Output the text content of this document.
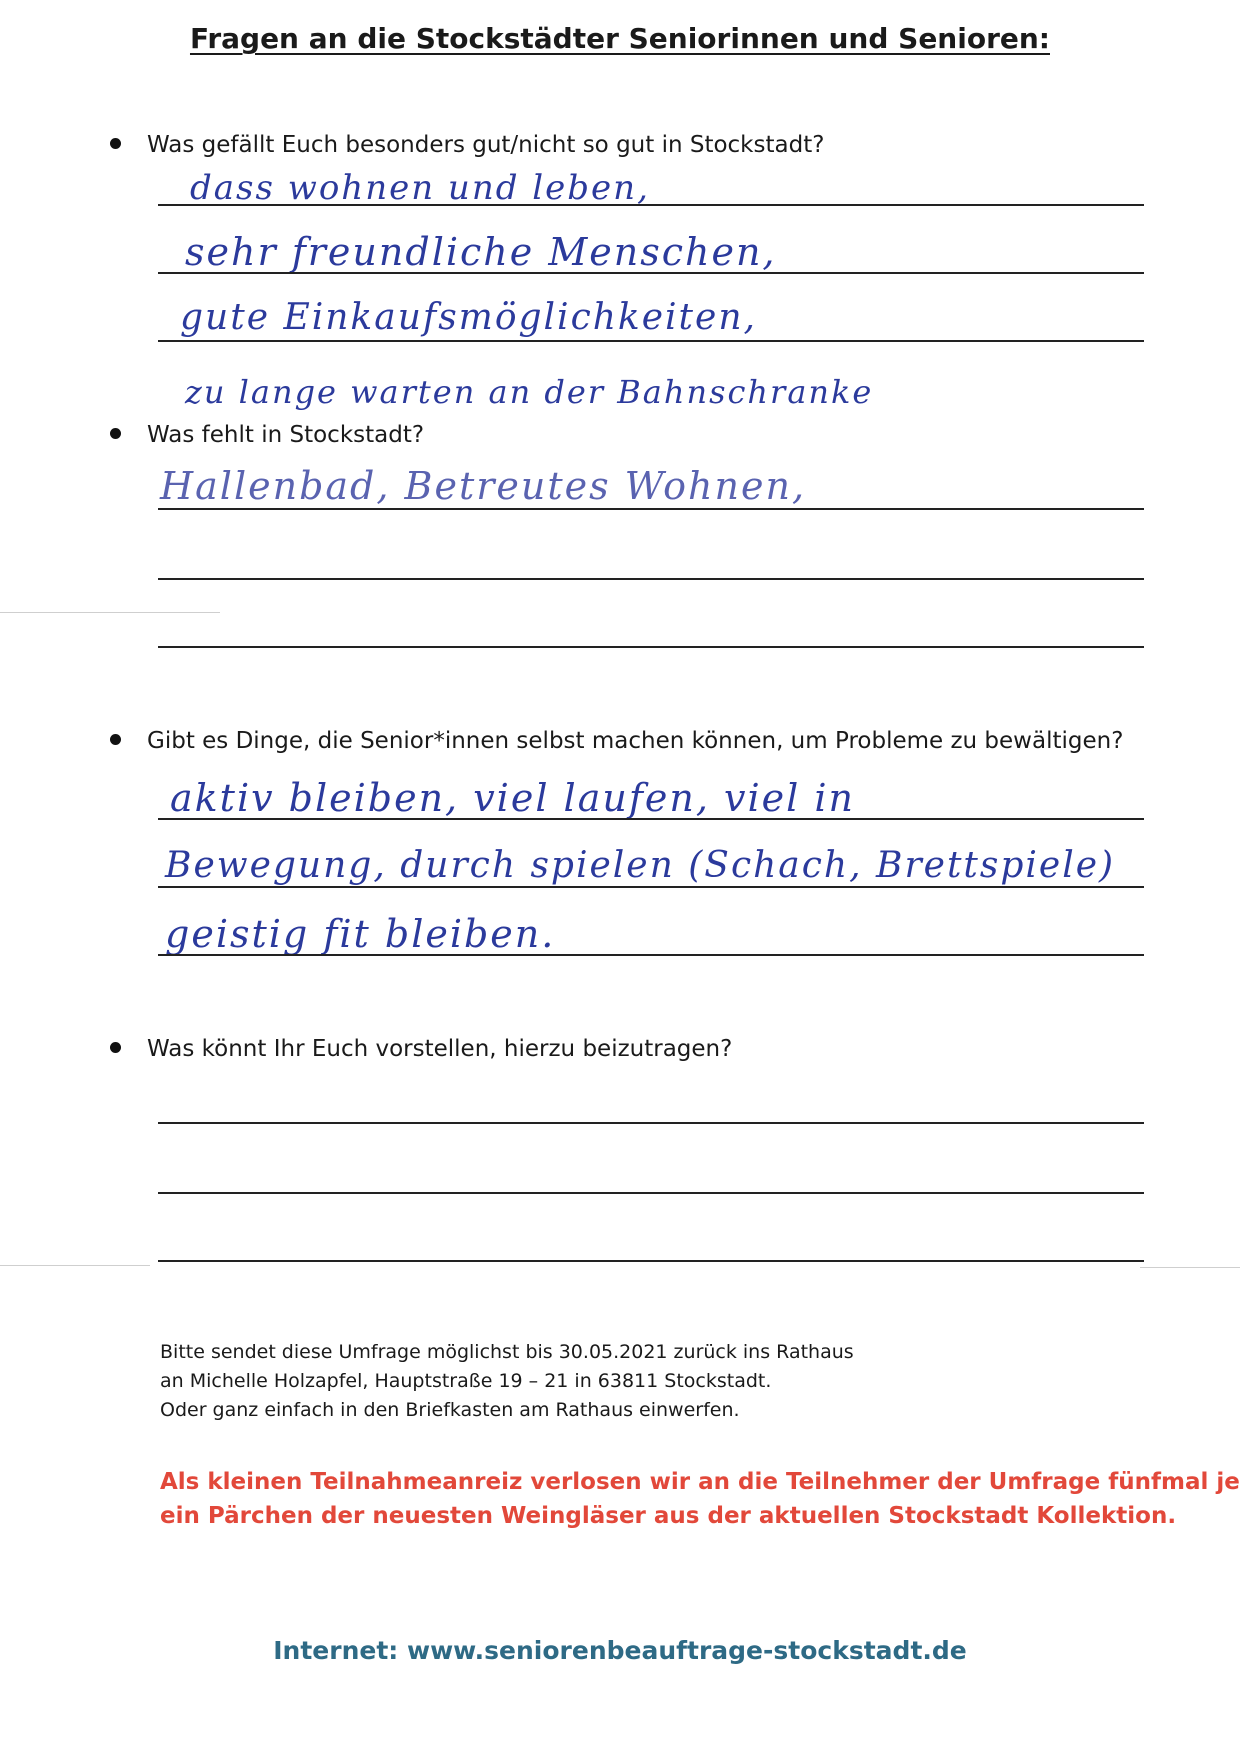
Fragen an die Stockstädter Seniorinnen und Senioren:
Was gefällt Euch besonders gut/nicht so gut in Stockstadt?
dass wohnen und leben,
sehr freundliche Menschen,
gute Einkaufsmöglichkeiten,
zu lange warten an der Bahnschranke
Was fehlt in Stockstadt?
Hallenbad, Betreutes Wohnen,
Gibt es Dinge, die Senior*innen selbst machen können, um Probleme zu bewältigen?
aktiv bleiben, viel laufen, viel in
Bewegung, durch spielen (Schach, Brettspiele)
geistig fit bleiben.
Was könnt Ihr Euch vorstellen, hierzu beizutragen?
Bitte sendet diese Umfrage möglichst bis 30.05.2021 zurück ins Rathaus
an Michelle Holzapfel, Hauptstraße 19 – 21 in 63811 Stockstadt.
Oder ganz einfach in den Briefkasten am Rathaus einwerfen.
Als kleinen Teilnahmeanreiz verlosen wir an die Teilnehmer der Umfrage fünfmal je
ein Pärchen der neuesten Weingläser aus der aktuellen Stockstadt Kollektion.
Internet: www.seniorenbeauftrage-stockstadt.de
